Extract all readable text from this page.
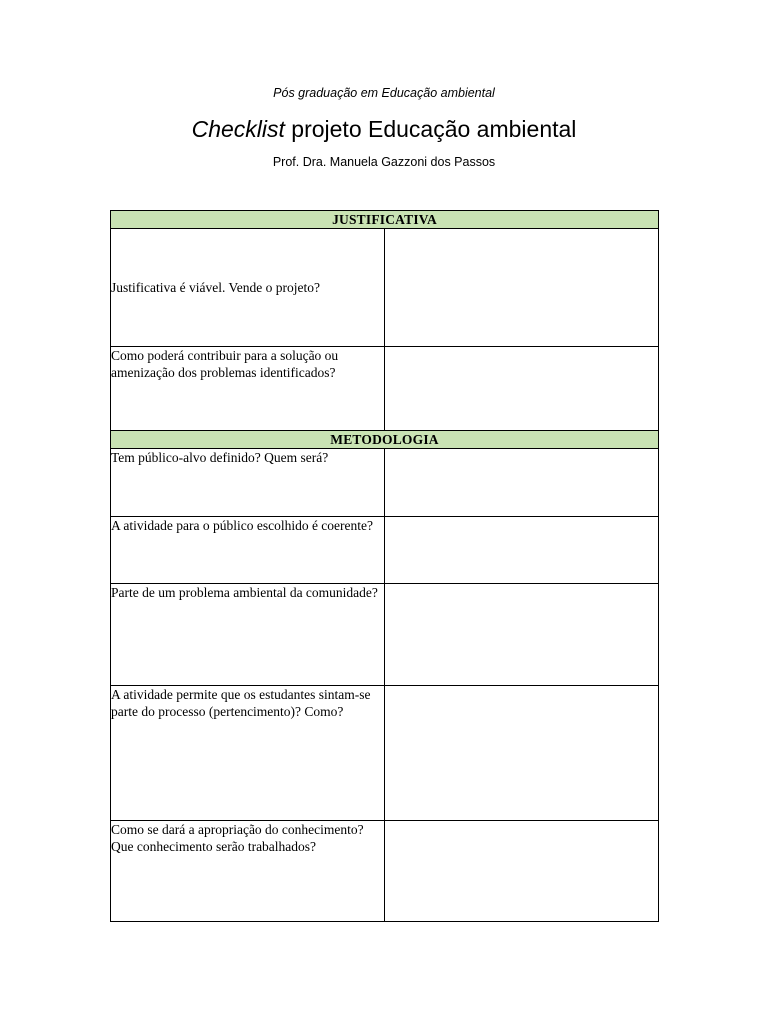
Pós graduação em Educação ambiental
Checklist projeto Educação ambiental
Prof. Dra. Manuela Gazzoni dos Passos
JUSTIFICATIVA	
Justificativa é viável. Vende o projeto?	
Como poderá contribuir para a solução ou amenização dos problemas identificados?	
METODOLOGIA	
Tem público-alvo definido? Quem será?	
A atividade para o público escolhido é coerente?	
Parte de um problema ambiental da comunidade?	
A atividade permite que os estudantes sintam-se parte do processo (pertencimento)? Como?	
Como se dará a apropriação do conhecimento? Que conhecimento serão trabalhados?	
